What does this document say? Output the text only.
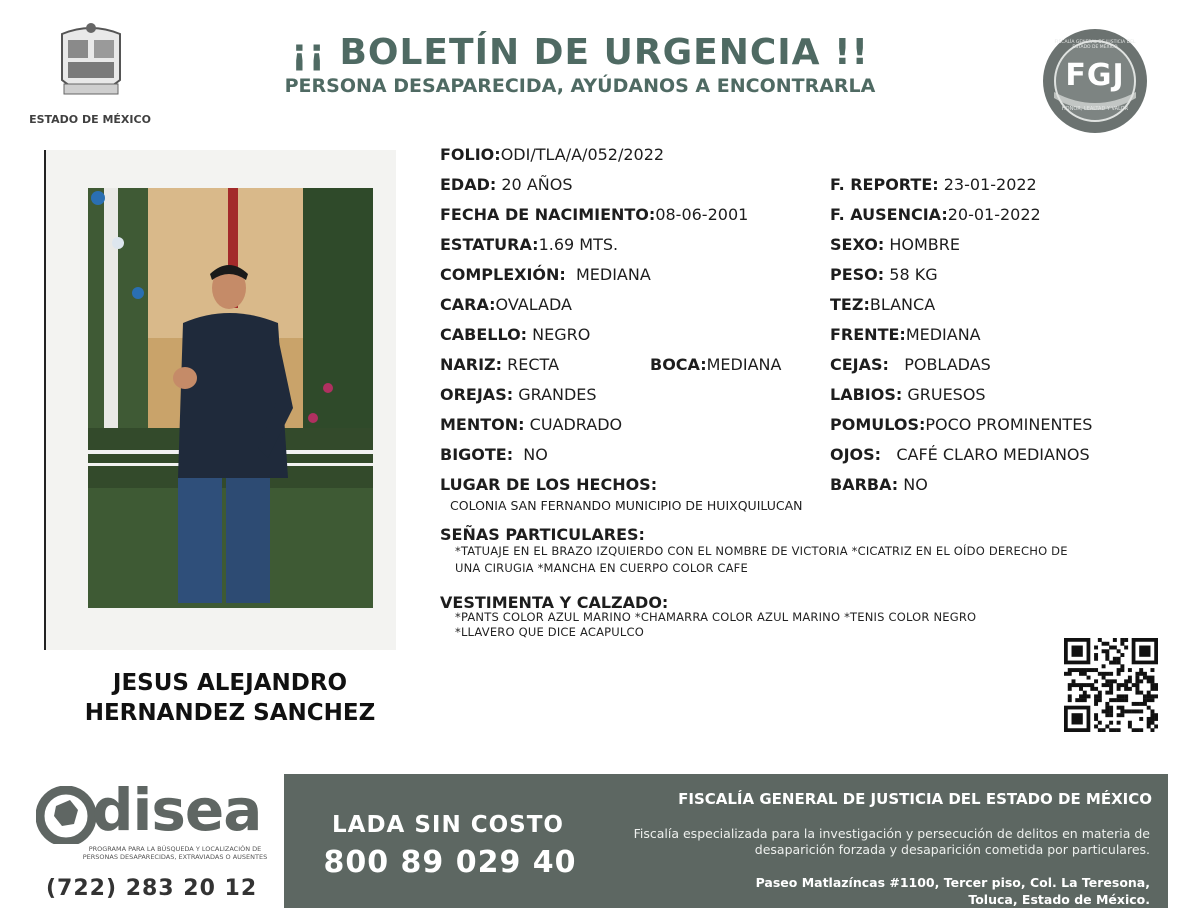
ESTADO DE MÉXICO
¡¡ BOLETÍN DE URGENCIA !!
PERSONA DESAPARECIDA, AYÚDANOS A ENCONTRARLA	FGJ
HONOR, LEALTAD Y VALOR
FISCALÍA GENERAL DE JUSTICIA DEL ESTADO DE MÉXICO
JESUS ALEJANDRO
HERNANDEZ SANCHEZ
FOLIO:ODI/TLA/A/052/2022
EDAD: 20 AÑOS	F. REPORTE: 23-01-2022
FECHA DE NACIMIENTO:08-06-2001	F. AUSENCIA:20-01-2022
ESTATURA:1.69 MTS.	SEXO: HOMBRE
COMPLEXIÓN: MEDIANA	PESO: 58 KG
CARA:OVALADA	TEZ:BLANCA
CABELLO: NEGRO	FRENTE:MEDIANA
NARIZ: RECTA	BOCA:MEDIANA	CEJAS: POBLADAS
OREJAS: GRANDES	LABIOS: GRUESOS
MENTON: CUADRADO	POMULOS:POCO PROMINENTES
BIGOTE: NO	OJOS: CAFÉ CLARO MEDIANOS
LUGAR DE LOS HECHOS:	BARBA: NO
COLONIA SAN FERNANDO MUNICIPIO DE HUIXQUILUCAN
SEÑAS PARTICULARES:
*TATUAJE EN EL BRAZO IZQUIERDO CON EL NOMBRE DE VICTORIA *CICATRIZ EN EL OÍDO DERECHO DE
UNA CIRUGIA *MANCHA EN CUERPO COLOR CAFE
VESTIMENTA Y CALZADO:
*PANTS COLOR AZUL MARINO *CHAMARRA COLOR AZUL MARINO *TENIS COLOR NEGRO
*LLAVERO QUE DICE ACAPULCO
disea
PROGRAMA PARA LA BÚSQUEDA Y LOCALIZACIÓN DE PERSONAS DESAPARECIDAS, EXTRAVIADAS O AUSENTES
(722) 283 20 12
LADA SIN COSTO
800 89 029 40
FISCALÍA GENERAL DE JUSTICIA DEL ESTADO DE MÉXICO
Fiscalía especializada para la investigación y persecución de delitos en materia de desaparición forzada y desaparición cometida por particulares.
Paseo Matlazíncas #1100, Tercer piso, Col. La Teresona,
Toluca, Estado de México.
